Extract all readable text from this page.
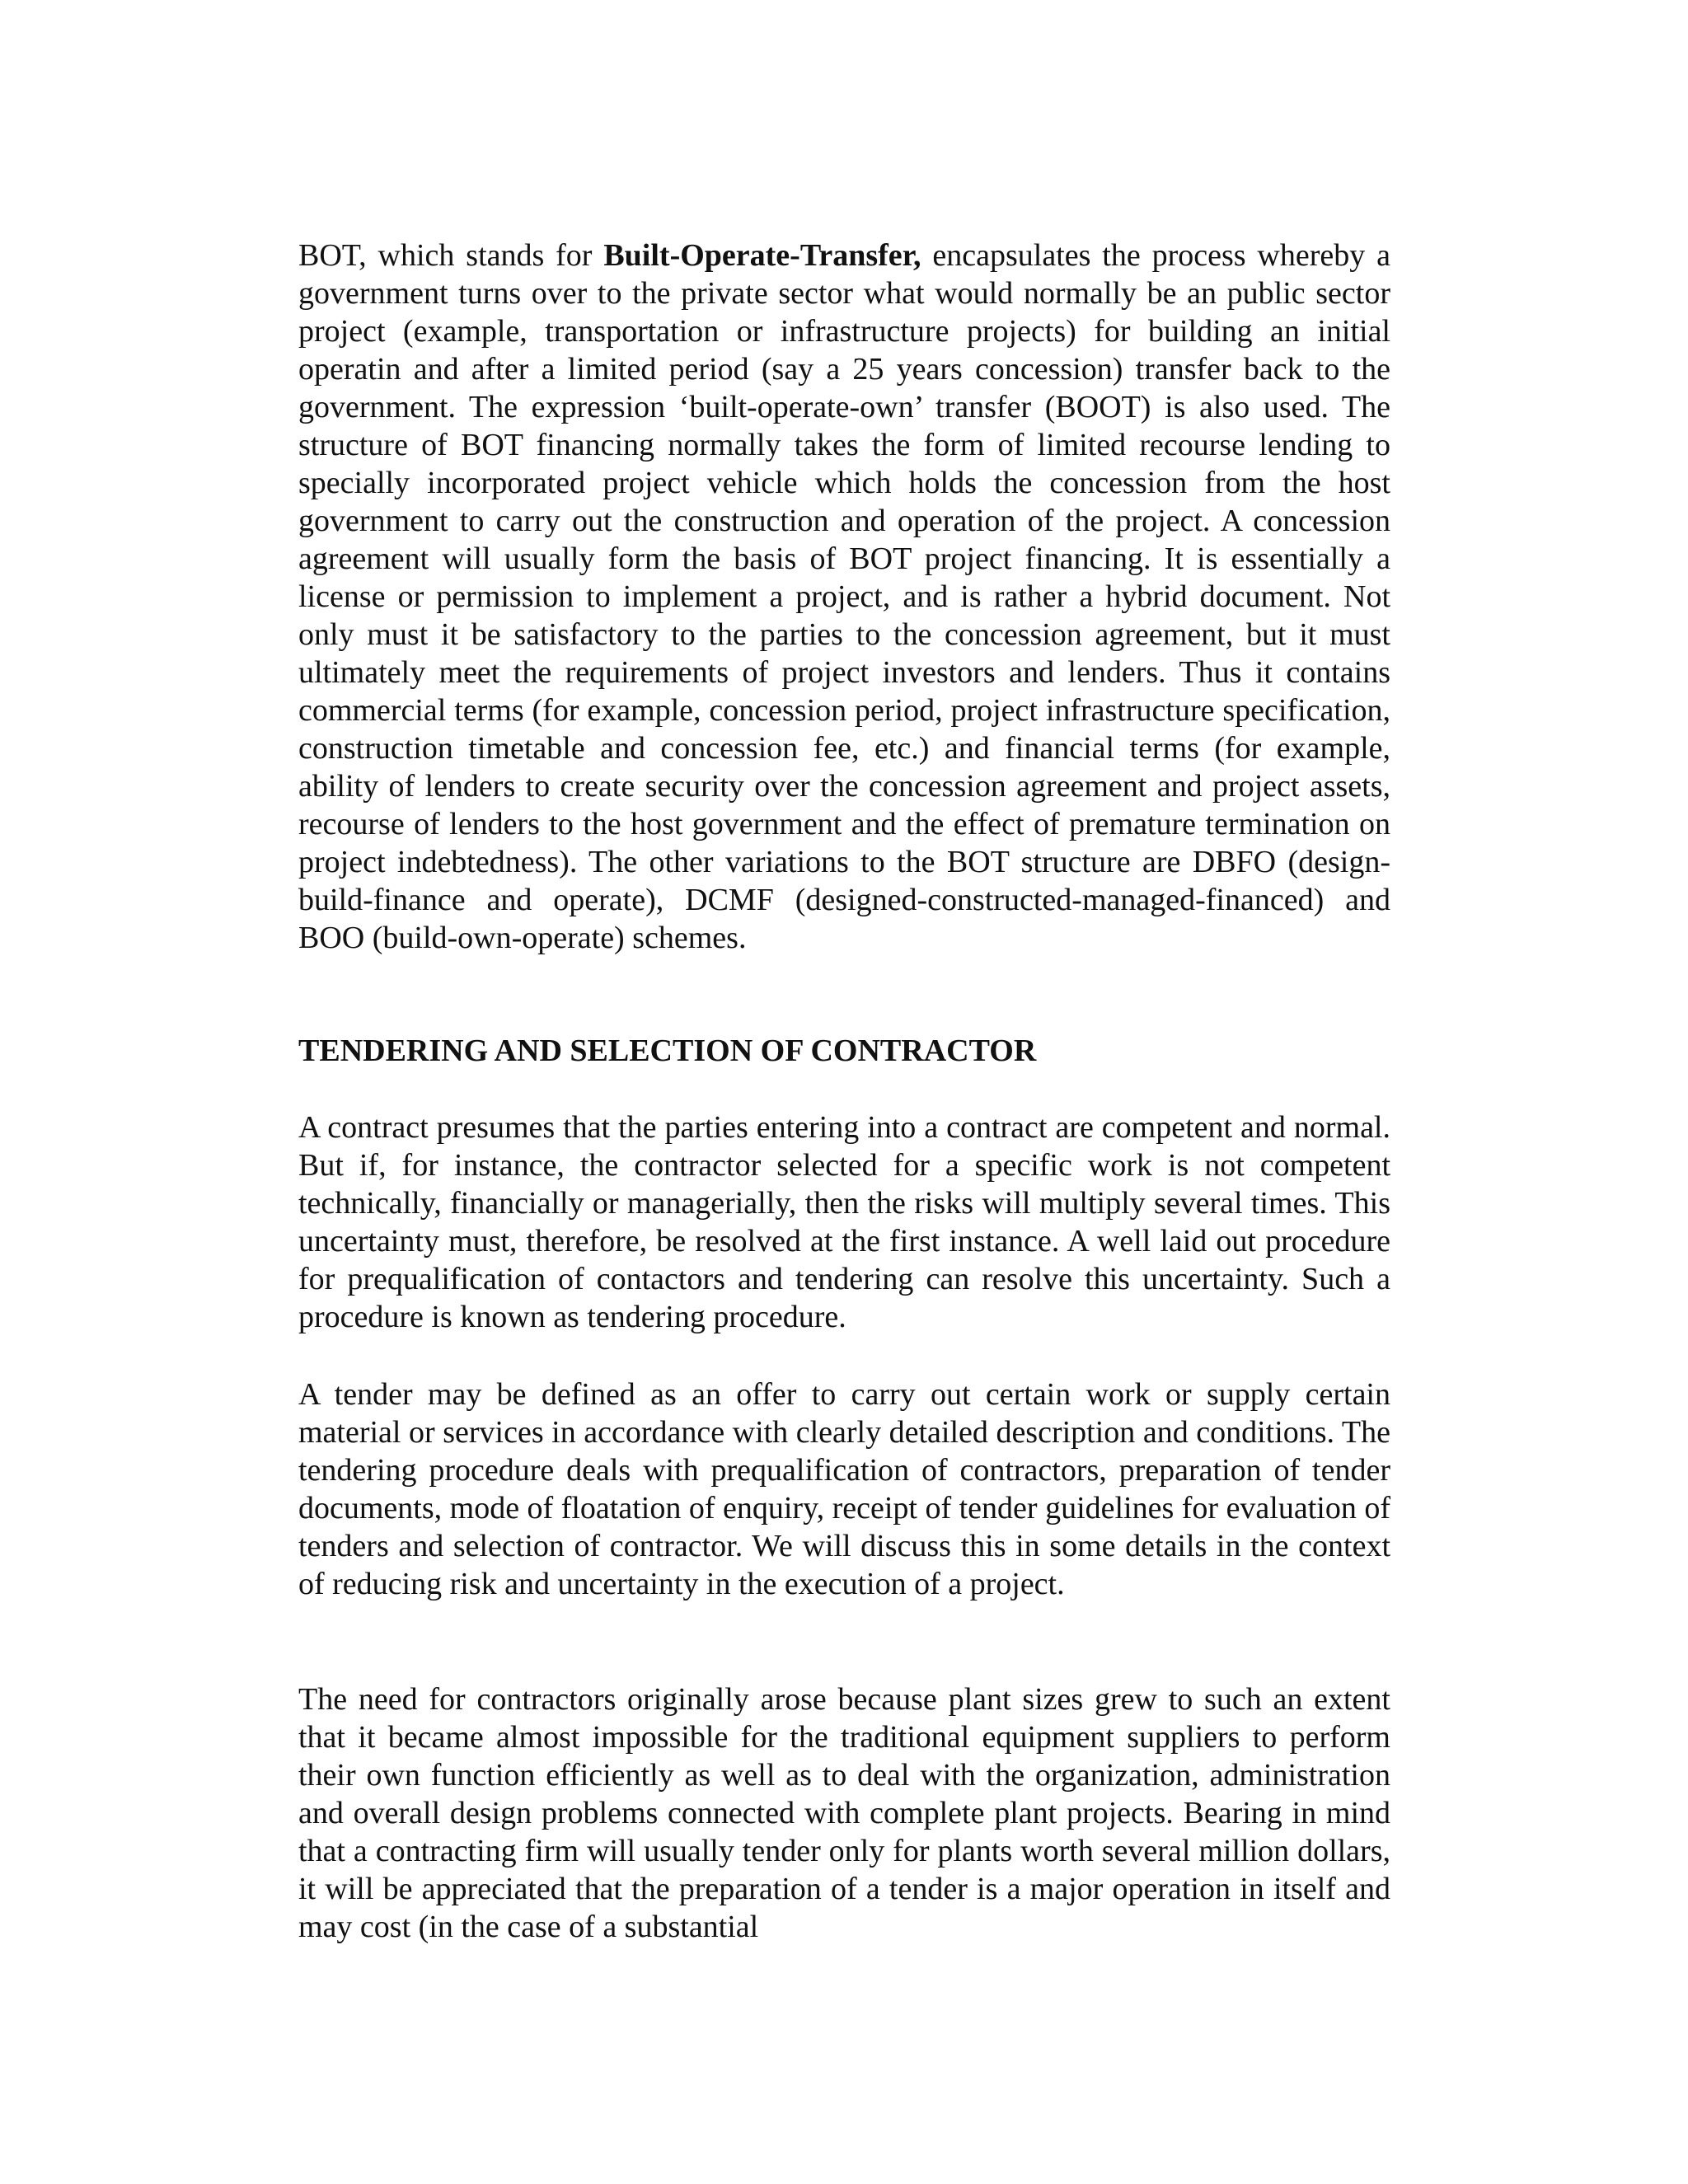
BOT, which stands for Built-Operate-Transfer, encapsulates the process whereby a government turns over to the private sector what would normally be an public sector project (example, transportation or infrastructure projects) for building an initial operatin and after a limited period (say a 25 years concession) transfer back to the government. The expression ‘built-operate-own’ transfer (BOOT) is also used. The structure of BOT financing normally takes the form of limited recourse lending to specially incorporated project vehicle which holds the concession from the host government to carry out the construction and operation of the project. A concession agreement will usually form the basis of BOT project financing. It is essentially a license or permission to implement a project, and is rather a hybrid document. Not only must it be satisfactory to the parties to the concession agreement, but it must ultimately meet the requirements of project investors and lenders. Thus it contains commercial terms (for example, concession period, project infrastructure specification, construction timetable and concession fee, etc.) and financial terms (for example, ability of lenders to create security over the concession agreement and project assets, recourse of lenders to the host government and the effect of premature termination on project indebtedness). The other variations to the BOT structure are DBFO (design-build-finance and operate), DCMF (designed-constructed-managed-financed) and BOO (build-own-operate) schemes.

TENDERING AND SELECTION OF CONTRACTOR

A contract presumes that the parties entering into a contract are competent and normal. But if, for instance, the contractor selected for a specific work is not competent technically, financially or managerially, then the risks will multiply several times. This uncertainty must, therefore, be resolved at the first instance. A well laid out procedure for prequalification of contactors and tendering can resolve this uncertainty. Such a procedure is known as tendering procedure.

A tender may be defined as an offer to carry out certain work or supply certain material or services in accordance with clearly detailed description and conditions. The tendering procedure deals with prequalification of contractors, preparation of tender documents, mode of floatation of enquiry, receipt of tender guidelines for evaluation of tenders and selection of contractor. We will discuss this in some details in the context of reducing risk and uncertainty in the execution of a project.

The need for contractors originally arose because plant sizes grew to such an extent that it became almost impossible for the traditional equipment suppliers to perform their own function efficiently as well as to deal with the organization, administration and overall design problems connected with complete plant projects. Bearing in mind that a contracting firm will usually tender only for plants worth several million dollars, it will be appreciated that the preparation of a tender is a major operation in itself and may cost (in the case of a substantial
